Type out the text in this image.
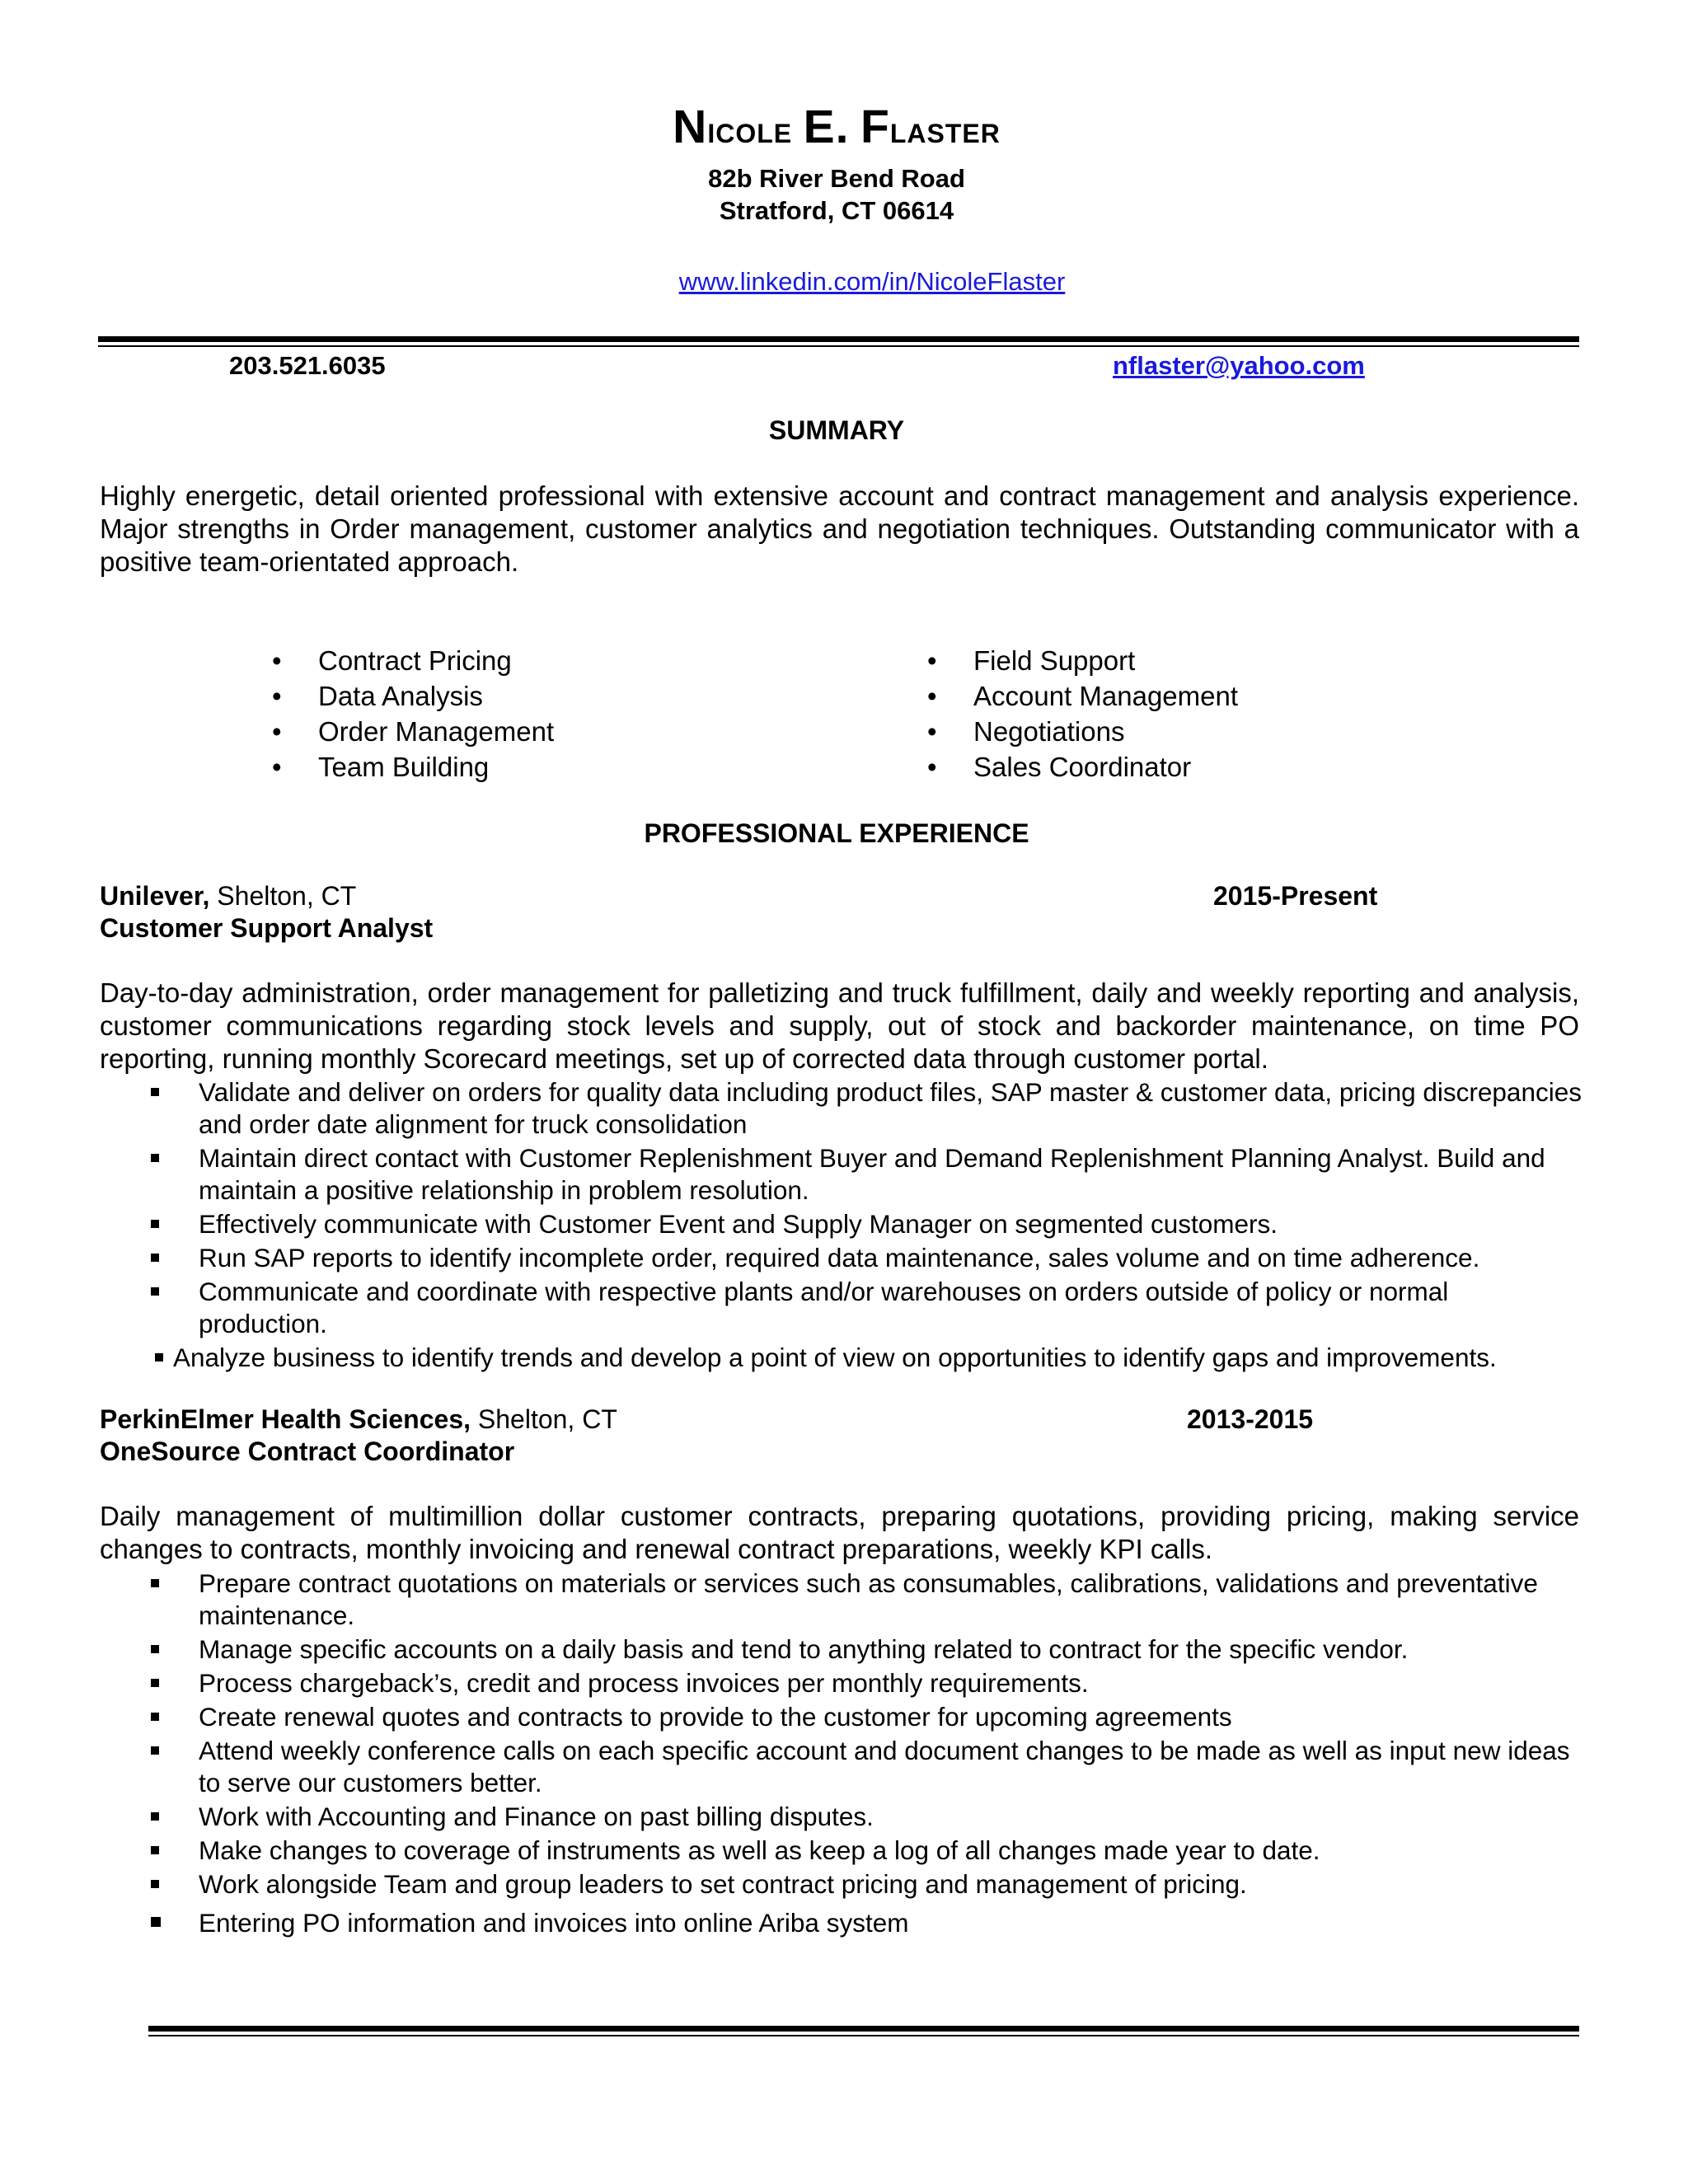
Nicole E. Flaster
82b River Bend Road
Stratford, CT 06614
www.linkedin.com/in/NicoleFlaster
203.521.6035	nflaster@yahoo.com
SUMMARY
Highly energetic, detail oriented professional with extensive account and contract management and analysis experience. Major strengths in Order management, customer analytics and negotiation techniques. Outstanding communicator with a positive team-orientated approach.
• Contract Pricing
• Data Analysis
• Order Management
• Team Building
• Field Support
• Account Management
• Negotiations
• Sales Coordinator
PROFESSIONAL EXPERIENCE
Unilever, Shelton, CT	2015-Present
Customer Support Analyst
Day-to-day administration, order management for palletizing and truck fulfillment, daily and weekly reporting and analysis, customer communications regarding stock levels and supply, out of stock and backorder maintenance, on time PO reporting, running monthly Scorecard meetings, set up of corrected data through customer portal.
Validate and deliver on orders for quality data including product files, SAP master & customer data, pricing discrepancies and order date alignment for truck consolidation
Maintain direct contact with Customer Replenishment Buyer and Demand Replenishment Planning Analyst. Build and maintain a positive relationship in problem resolution.
Effectively communicate with Customer Event and Supply Manager on segmented customers.
Run SAP reports to identify incomplete order, required data maintenance, sales volume and on time adherence.
Communicate and coordinate with respective plants and/or warehouses on orders outside of policy or normal production.
Analyze business to identify trends and develop a point of view on opportunities to identify gaps and improvements.
PerkinElmer Health Sciences, Shelton, CT	2013-2015
OneSource Contract Coordinator
Daily management of multimillion dollar customer contracts, preparing quotations, providing pricing, making service changes to contracts, monthly invoicing and renewal contract preparations, weekly KPI calls.
Prepare contract quotations on materials or services such as consumables, calibrations, validations and preventative maintenance.
Manage specific accounts on a daily basis and tend to anything related to contract for the specific vendor.
Process chargeback’s, credit and process invoices per monthly requirements.
Create renewal quotes and contracts to provide to the customer for upcoming agreements
Attend weekly conference calls on each specific account and document changes to be made as well as input new ideas to serve our customers better.
Work with Accounting and Finance on past billing disputes.
Make changes to coverage of instruments as well as keep a log of all changes made year to date.
Work alongside Team and group leaders to set contract pricing and management of pricing.
Entering PO information and invoices into online Ariba system
